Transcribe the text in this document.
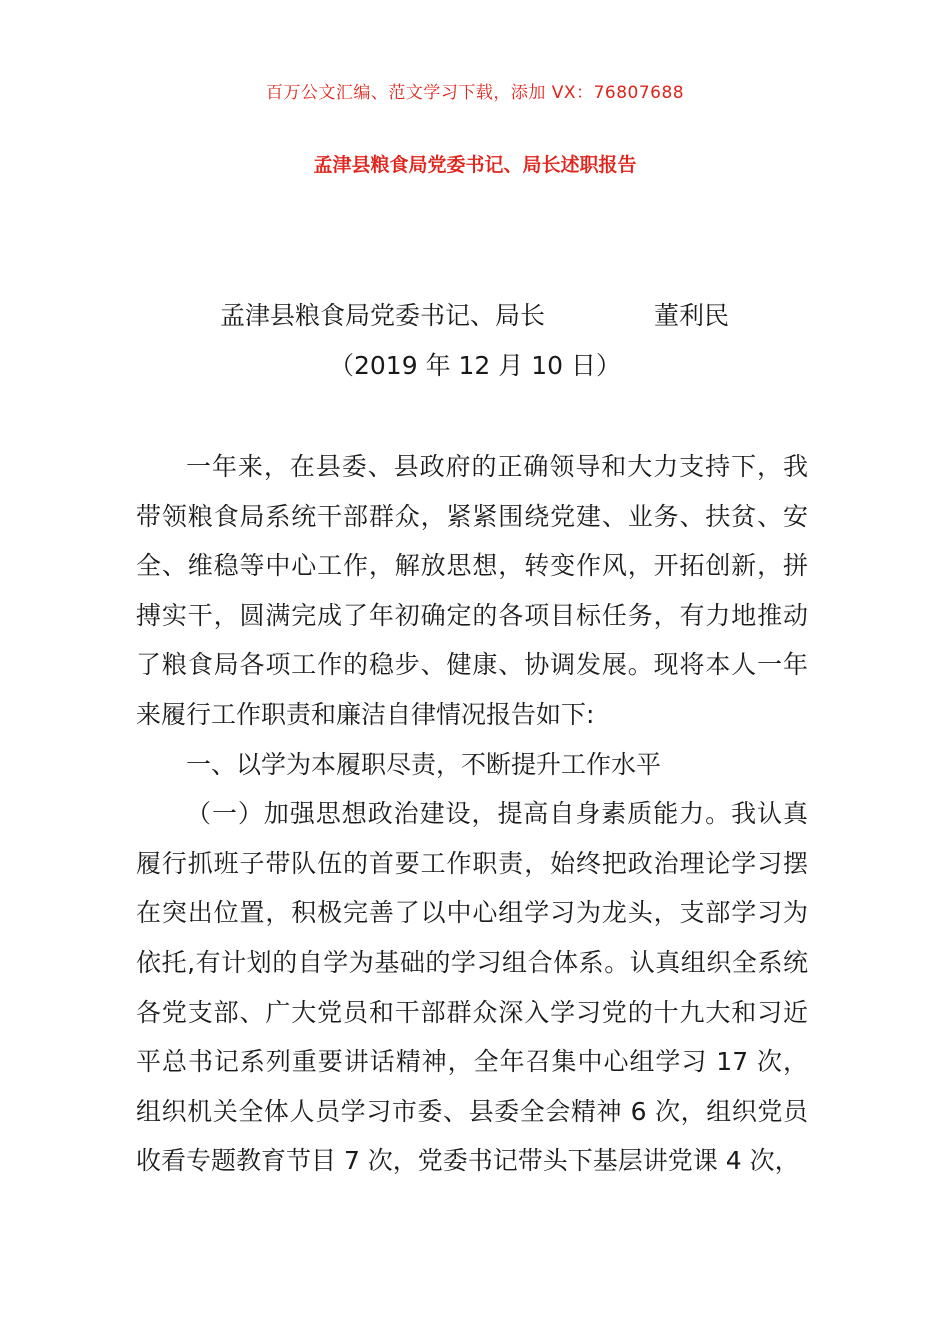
百万公文汇编、范文学习下载，添加 VX：76807688
孟津县粮食局党委书记、局长述职报告
孟津县粮食局党委书记、局长	董利民
（2019 年 12 月 10 日）

一年来，在县委、县政府的正确领导和大力支持下，我带领粮食局系统干部群众，紧紧围绕党建、业务、扶贫、安全、维稳等中心工作，解放思想，转变作风，开拓创新，拼搏实干，圆满完成了年初确定的各项目标任务，有力地推动了粮食局各项工作的稳步、健康、协调发展。现将本人一年来履行工作职责和廉洁自律情况报告如下:

一、以学为本履职尽责，不断提升工作水平

（一）加强思想政治建设，提高自身素质能力。我认真履行抓班子带队伍的首要工作职责，始终把政治理论学习摆在突出位置，积极完善了以中心组学习为龙头，支部学习为依托,有计划的自学为基础的学习组合体系。认真组织全系统各党支部、广大党员和干部群众深入学习党的十九大和习近平总书记系列重要讲话精神，全年召集中心组学习 17 次，组织机关全体人员学习市委、县委全会精神 6 次，组织党员收看专题教育节目 7 次，党委书记带头下基层讲党课 4 次，
